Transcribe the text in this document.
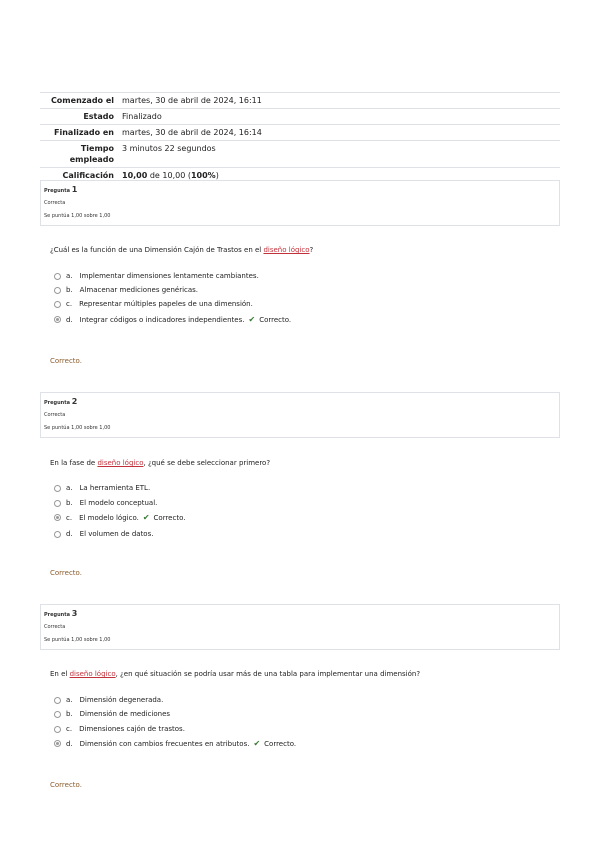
Comenzado el	martes, 30 de abril de 2024, 16:11
Estado	Finalizado
Finalizado en	martes, 30 de abril de 2024, 16:14
Tiempo empleado	3 minutos 22 segundos
Calificación	10,00 de 10,00 (100%)
Pregunta 1
Correcta
Se puntúa 1,00 sobre 1,00
¿Cuál es la función de una Dimensión Cajón de Trastos en el diseño lógico?
a. Implementar dimensiones lentamente cambiantes.
b. Almacenar mediciones genéricas.
c. Representar múltiples papeles de una dimensión.
d. Integrar códigos o indicadores independientes. ✔ Correcto.
Correcto.
Pregunta 2
Correcta
Se puntúa 1,00 sobre 1,00
En la fase de diseño lógico, ¿qué se debe seleccionar primero?
a. La herramienta ETL.
b. El modelo conceptual.
c. El modelo lógico. ✔ Correcto.
d. El volumen de datos.
Correcto.
Pregunta 3
Correcta
Se puntúa 1,00 sobre 1,00
En el diseño lógico, ¿en qué situación se podría usar más de una tabla para implementar una dimensión?
a. Dimensión degenerada.
b. Dimensión de mediciones
c. Dimensiones cajón de trastos.
d. Dimensión con cambios frecuentes en atributos. ✔ Correcto.
Correcto.
